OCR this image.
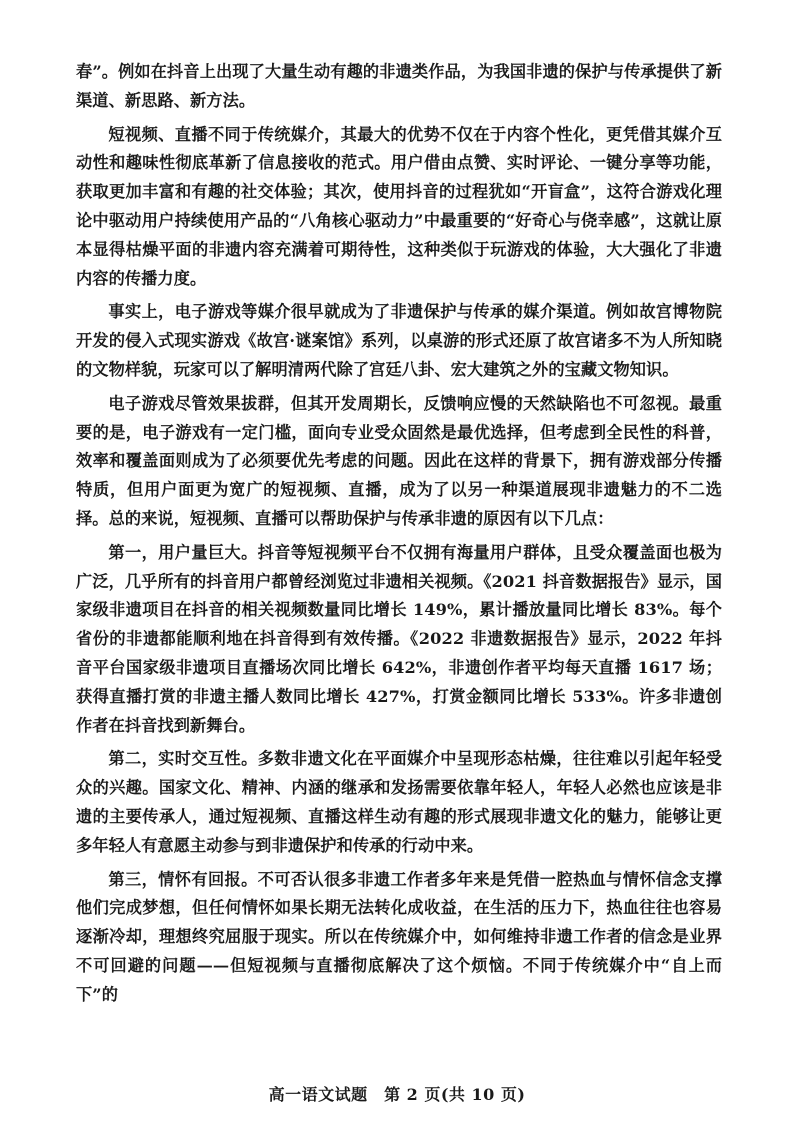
春”。例如在抖音上出现了大量生动有趣的非遗类作品，为我国非遗的保护与传承提供了新渠道、新思路、新方法。

短视频、直播不同于传统媒介，其最大的优势不仅在于内容个性化，更凭借其媒介互动性和趣味性彻底革新了信息接收的范式。用户借由点赞、实时评论、一键分享等功能，获取更加丰富和有趣的社交体验；其次，使用抖音的过程犹如“开盲盒”，这符合游戏化理论中驱动用户持续使用产品的“八角核心驱动力”中最重要的“好奇心与侥幸感”，这就让原本显得枯燥平面的非遗内容充满着可期待性，这种类似于玩游戏的体验，大大强化了非遗内容的传播力度。

事实上，电子游戏等媒介很早就成为了非遗保护与传承的媒介渠道。例如故宫博物院开发的侵入式现实游戏《故宫·谜案馆》系列，以桌游的形式还原了故宫诸多不为人所知晓的文物样貌，玩家可以了解明清两代除了宫廷八卦、宏大建筑之外的宝藏文物知识。

电子游戏尽管效果拔群，但其开发周期长，反馈响应慢的天然缺陷也不可忽视。最重要的是，电子游戏有一定门槛，面向专业受众固然是最优选择，但考虑到全民性的科普，效率和覆盖面则成为了必须要优先考虑的问题。因此在这样的背景下，拥有游戏部分传播特质，但用户面更为宽广的短视频、直播，成为了以另一种渠道展现非遗魅力的不二选择。总的来说，短视频、直播可以帮助保护与传承非遗的原因有以下几点：

第一，用户量巨大。抖音等短视频平台不仅拥有海量用户群体，且受众覆盖面也极为广泛，几乎所有的抖音用户都曾经浏览过非遗相关视频。《2021 抖音数据报告》显示，国家级非遗项目在抖音的相关视频数量同比增长 149%，累计播放量同比增长 83%。每个省份的非遗都能顺利地在抖音得到有效传播。《2022 非遗数据报告》显示，2022 年抖音平台国家级非遗项目直播场次同比增长 642%，非遗创作者平均每天直播 1617 场；获得直播打赏的非遗主播人数同比增长 427%，打赏金额同比增长 533%。许多非遗创作者在抖音找到新舞台。

第二，实时交互性。多数非遗文化在平面媒介中呈现形态枯燥，往往难以引起年轻受众的兴趣。国家文化、精神、内涵的继承和发扬需要依靠年轻人，年轻人必然也应该是非遗的主要传承人，通过短视频、直播这样生动有趣的形式展现非遗文化的魅力，能够让更多年轻人有意愿主动参与到非遗保护和传承的行动中来。

第三，情怀有回报。不可否认很多非遗工作者多年来是凭借一腔热血与情怀信念支撑他们完成梦想，但任何情怀如果长期无法转化成收益，在生活的压力下，热血往往也容易逐渐冷却，理想终究屈服于现实。所以在传统媒介中，如何维持非遗工作者的信念是业界不可回避的问题——但短视频与直播彻底解决了这个烦恼。不同于传统媒介中“自上而下”的

高一语文试题　第 2 页(共 10 页)
